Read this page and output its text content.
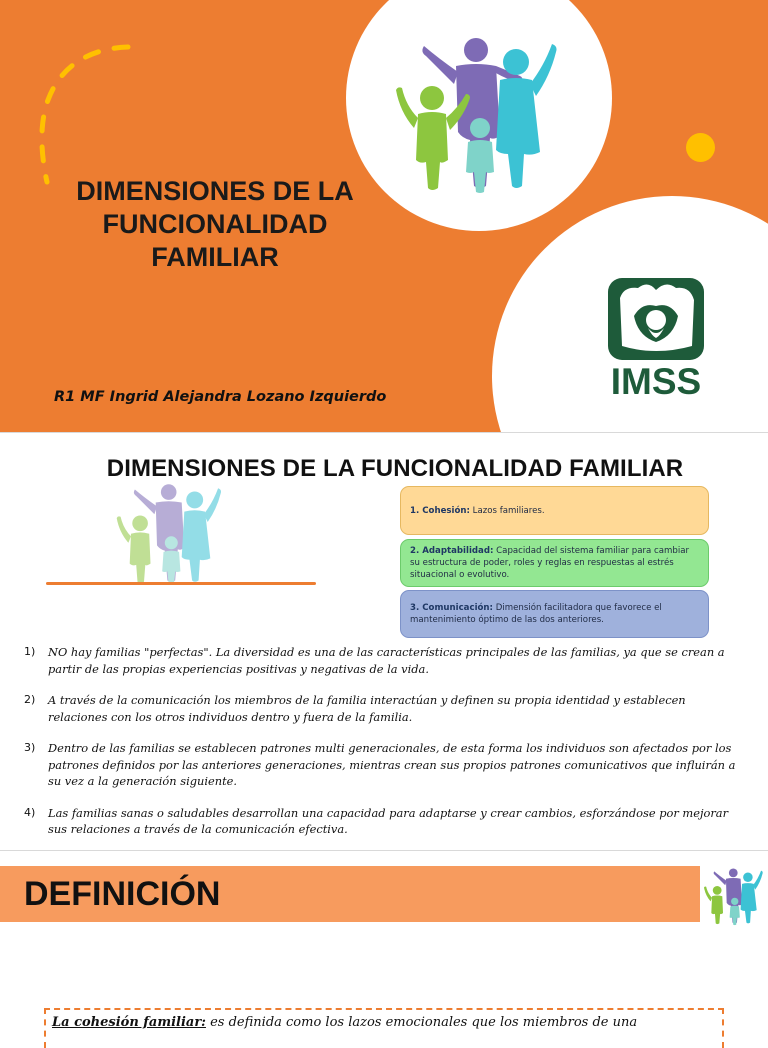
IMSS
DIMENSIONES DE LA FUNCIONALIDAD FAMILIAR

R1 MF Ingrid Alejandra Lozano Izquierdo

DIMENSIONES DE LA FUNCIONALIDAD FAMILIAR
1. Cohesión: Lazos familiares.
2. Adaptabilidad: Capacidad del sistema familiar para cambiar su estructura de poder, roles y reglas en respuestas al estrés situacional o evolutivo.
3. Comunicación: Dimensión facilitadora que favorece el mantenimiento óptimo de las dos anteriores.
1) NO hay familias "perfectas". La diversidad es una de las características principales de las familias, ya que se crean a partir de las propias experiencias positivas y negativas de la vida.
2) A través de la comunicación los miembros de la familia interactúan y definen su propia identidad y establecen relaciones con los otros individuos dentro y fuera de la familia.
3) Dentro de las familias se establecen patrones multi generacionales, de esta forma los individuos son afectados por los patrones definidos por las anteriores generaciones, mientras crean sus propios patrones comunicativos que influirán a su vez a la generación siguiente.
4) Las familias sanas o saludables desarrollan una capacidad para adaptarse y crear cambios, esforzándose por mejorar sus relaciones a través de la comunicación efectiva.
DEFINICIÓN

La cohesión familiar: es definida como los lazos emocionales que los miembros de una
